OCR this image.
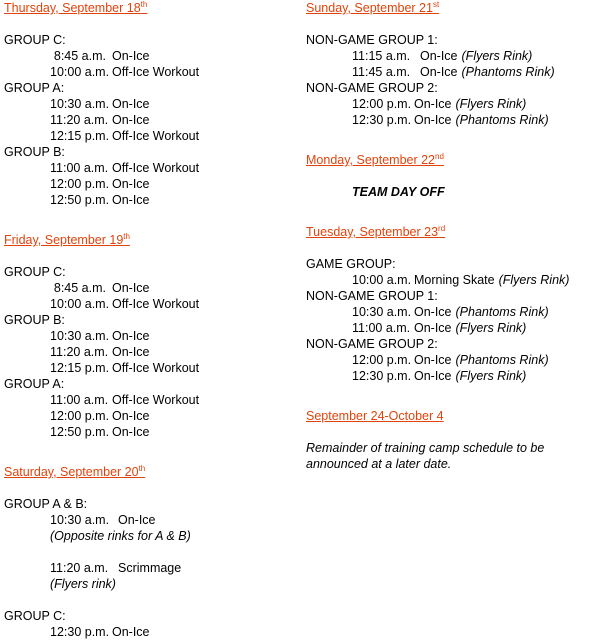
Thursday, September 18th
GROUP C:
8:45 a.m. On-Ice
10:00 a.m. Off-Ice Workout
GROUP A:
10:30 a.m. On-Ice
11:20 a.m. On-Ice
12:15 p.m. Off-Ice Workout
GROUP B:
11:00 a.m. Off-Ice Workout
12:00 p.m. On-Ice
12:50 p.m. On-Ice
Friday, September 19th
GROUP C:
8:45 a.m. On-Ice
10:00 a.m. Off-Ice Workout
GROUP B:
10:30 a.m. On-Ice
11:20 a.m. On-Ice
12:15 p.m. Off-Ice Workout
GROUP A:
11:00 a.m. Off-Ice Workout
12:00 p.m. On-Ice
12:50 p.m. On-Ice
Saturday, September 20th
GROUP A & B:
10:30 a.m. On-Ice
(Opposite rinks for A & B)
11:20 a.m. Scrimmage
(Flyers rink)
GROUP C:
12:30 p.m. On-Ice
Sunday, September 21st
NON-GAME GROUP 1:
11:15 a.m. On-Ice (Flyers Rink)
11:45 a.m. On-Ice (Phantoms Rink)
NON-GAME GROUP 2:
12:00 p.m. On-Ice (Flyers Rink)
12:30 p.m. On-Ice (Phantoms Rink)
Monday, September 22nd
TEAM DAY OFF
Tuesday, September 23rd
GAME GROUP:
10:00 a.m. Morning Skate (Flyers Rink)
NON-GAME GROUP 1:
10:30 a.m. On-Ice (Phantoms Rink)
11:00 a.m. On-Ice (Flyers Rink)
NON-GAME GROUP 2:
12:00 p.m. On-Ice (Phantoms Rink)
12:30 p.m. On-Ice (Flyers Rink)
September 24-October 4
Remainder of training camp schedule to be
announced at a later date.
